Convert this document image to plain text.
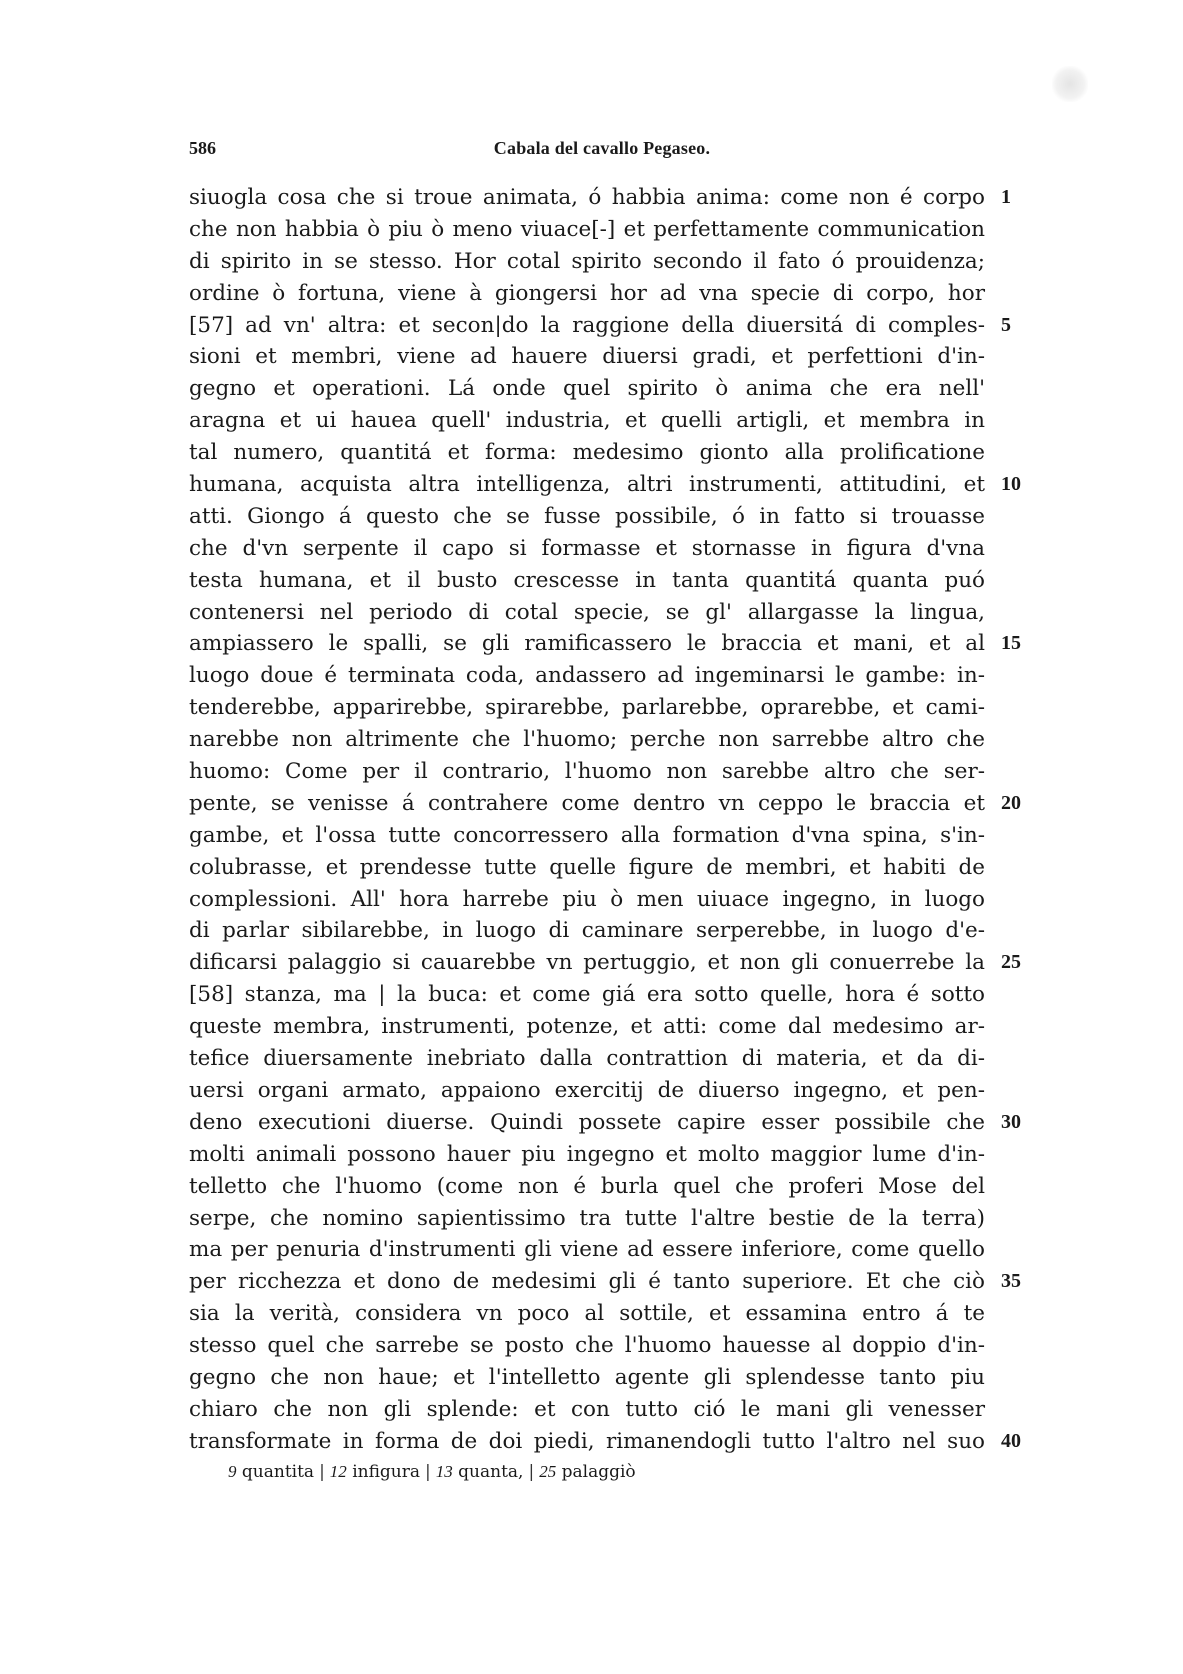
586	Cabala del cavallo Pegaseo.
siuogla cosa che si troue animata, ó habbia anima: come non é corpo 1
che non habbia ò piu ò meno viuace[-] et perfettamente communication
di spirito in se stesso. Hor cotal spirito secondo il fato ó prouidenza;
ordine ò fortuna, viene à giongersi hor ad vna specie di corpo, hor
[57] ad vn' altra: et secon|do la raggione della diuersitá di comples- 5
sioni et membri, viene ad hauere diuersi gradi, et perfettioni d'in-
gegno et operationi. Lá onde quel spirito ò anima che era nell'
aragna et ui hauea quell' industria, et quelli artigli, et membra in
tal numero, quantitá et forma: medesimo gionto alla prolificatione
humana, acquista altra intelligenza, altri instrumenti, attitudini, et 10
atti. Giongo á questo che se fusse possibile, ó in fatto si trouasse
che d'vn serpente il capo si formasse et stornasse in figura d'vna
testa humana, et il busto crescesse in tanta quantitá quanta puó
contenersi nel periodo di cotal specie, se gl' allargasse la lingua,
ampiassero le spalli, se gli ramificassero le braccia et mani, et al 15
luogo doue é terminata coda, andassero ad ingeminarsi le gambe: in-
tenderebbe, apparirebbe, spirarebbe, parlarebbe, oprarebbe, et cami-
narebbe non altrimente che l'huomo; perche non sarrebbe altro che
huomo: Come per il contrario, l'huomo non sarebbe altro che ser-
pente, se venisse á contrahere come dentro vn ceppo le braccia et 20
gambe, et l'ossa tutte concorressero alla formation d'vna spina, s'in-
colubrasse, et prendesse tutte quelle figure de membri, et habiti de
complessioni. All' hora harrebe piu ò men uiuace ingegno, in luogo
di parlar sibilarebbe, in luogo di caminare serperebbe, in luogo d'e-
dificarsi palaggio si cauarebbe vn pertuggio, et non gli conuerrebe la 25
[58] stanza, ma | la buca: et come giá era sotto quelle, hora é sotto
queste membra, instrumenti, potenze, et atti: come dal medesimo ar-
tefice diuersamente inebriato dalla contrattion di materia, et da di-
uersi organi armato, appaiono exercitij de diuerso ingegno, et pen-
deno executioni diuerse. Quindi possete capire esser possibile che 30
molti animali possono hauer piu ingegno et molto maggior lume d'in-
telletto che l'huomo (come non é burla quel che proferi Mose del
serpe, che nomino sapientissimo tra tutte l'altre bestie de la terra)
ma per penuria d'instrumenti gli viene ad essere inferiore, come quello
per ricchezza et dono de medesimi gli é tanto superiore. Et che ciò 35
sia la verità, considera vn poco al sottile, et essamina entro á te
stesso quel che sarrebe se posto che l'huomo hauesse al doppio d'in-
gegno che non haue; et l'intelletto agente gli splendesse tanto piu
chiaro che non gli splende: et con tutto ció le mani gli venesser
transformate in forma de doi piedi, rimanendogli tutto l'altro nel suo 40
9 quantita | 12 infigura | 13 quanta, | 25 palaggiò
